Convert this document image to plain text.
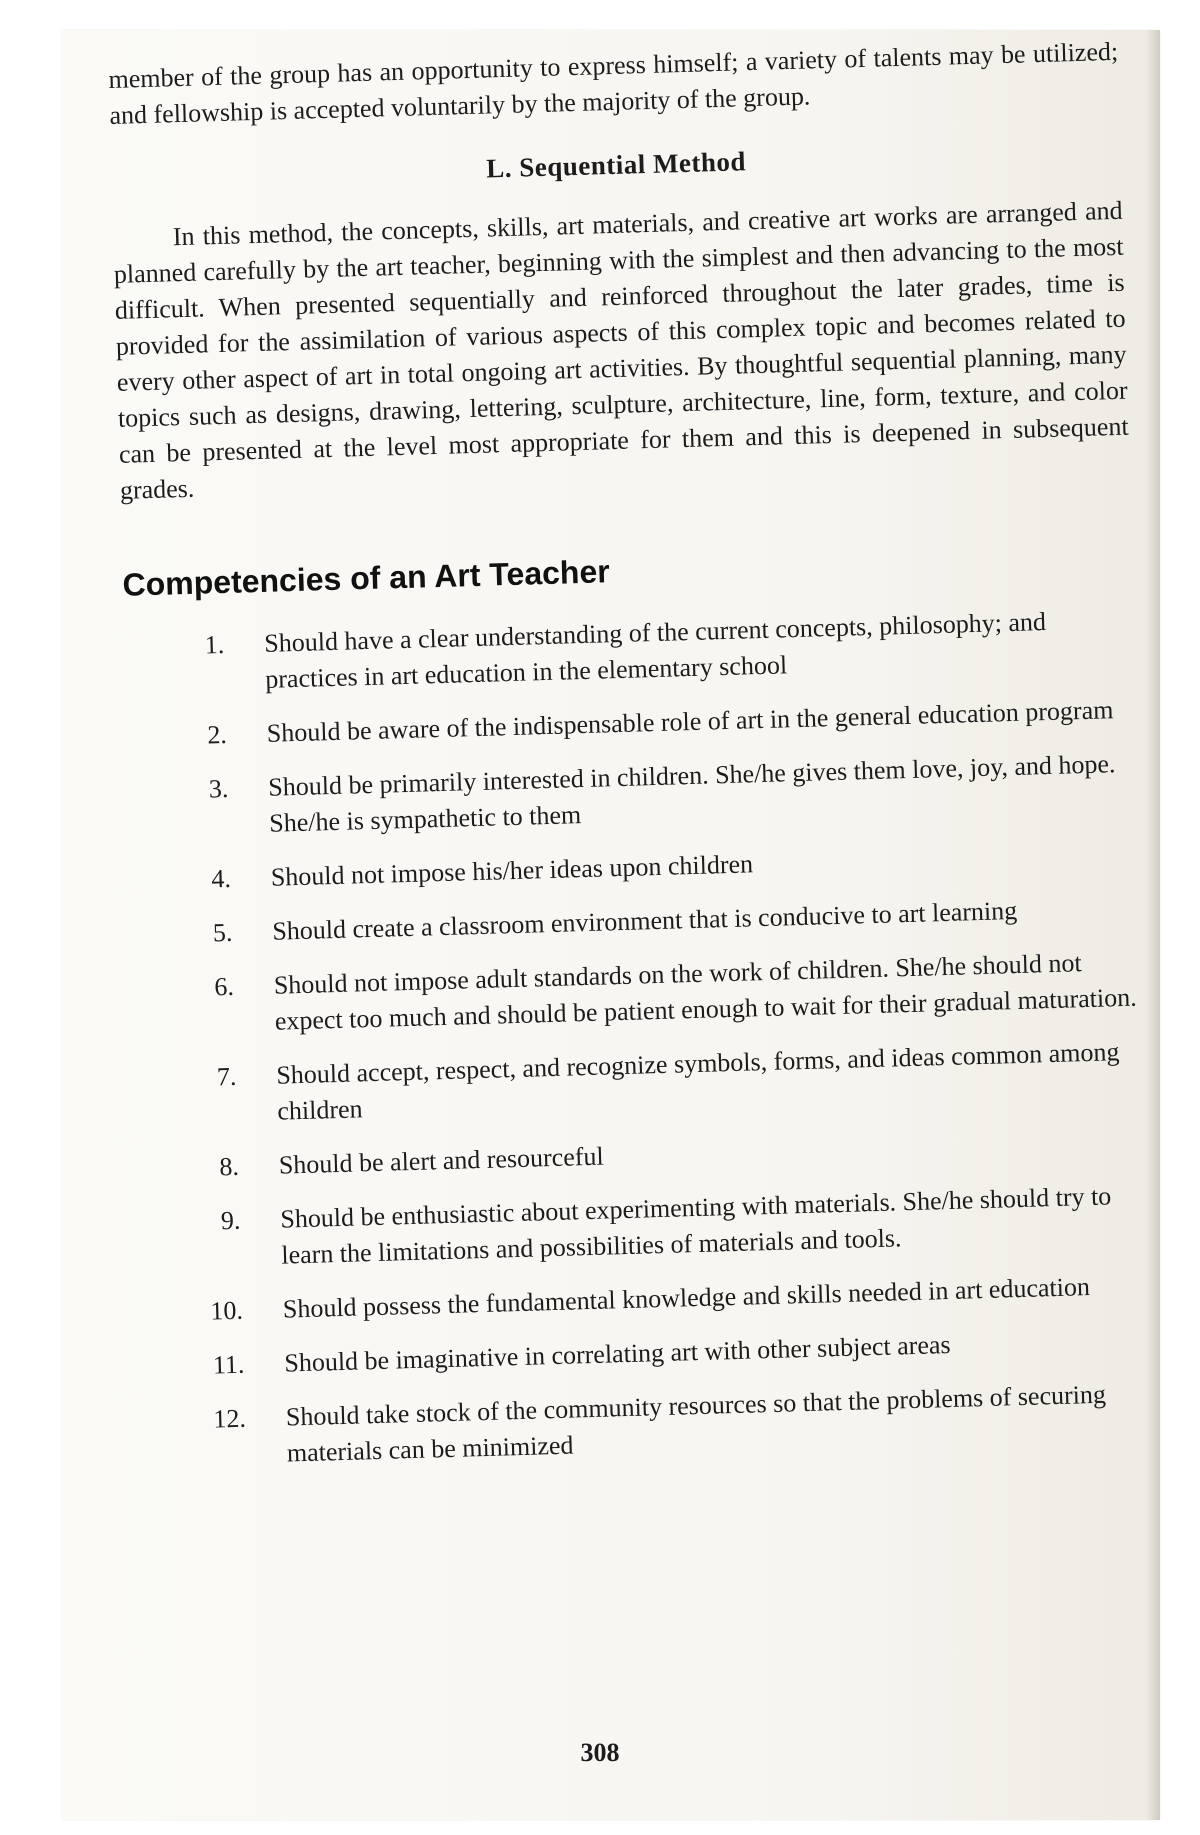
member of the group has an opportunity to express himself; a variety of talents may be utilized; and fellowship is accepted voluntarily by the majority of the group.

L. Sequential Method

In this method, the concepts, skills, art materials, and creative art works are arranged and planned carefully by the art teacher, beginning with the simplest and then advancing to the most difficult. When presented sequentially and reinforced throughout the later grades, time is provided for the assimilation of various aspects of this complex topic and becomes related to every other aspect of art in total ongoing art activities. By thoughtful sequential planning, many topics such as designs, drawing, lettering, sculpture, architecture, line, form, texture, and color can be presented at the level most appropriate for them and this is deepened in subsequent grades.

Competencies of an Art Teacher
1.	Should have a clear understanding of the current concepts, philosophy; and practices in art education in the elementary school
2.	Should be aware of the indispensable role of art in the general education program
3.	Should be primarily interested in children. She/he gives them love, joy, and hope. She/he is sympathetic to them
4.	Should not impose his/her ideas upon children
5.	Should create a classroom environment that is conducive to art learning
6.	Should not impose adult standards on the work of children. She/he should not expect too much and should be patient enough to wait for their gradual maturation.
7.	Should accept, respect, and recognize symbols, forms, and ideas common among children
8.	Should be alert and resourceful
9.	Should be enthusiastic about experimenting with materials. She/he should try to learn the limitations and possibilities of materials and tools.
10.	Should possess the fundamental knowledge and skills needed in art education
11.	Should be imaginative in correlating art with other subject areas
12.	Should take stock of the community resources so that the problems of securing materials can be minimized
308
